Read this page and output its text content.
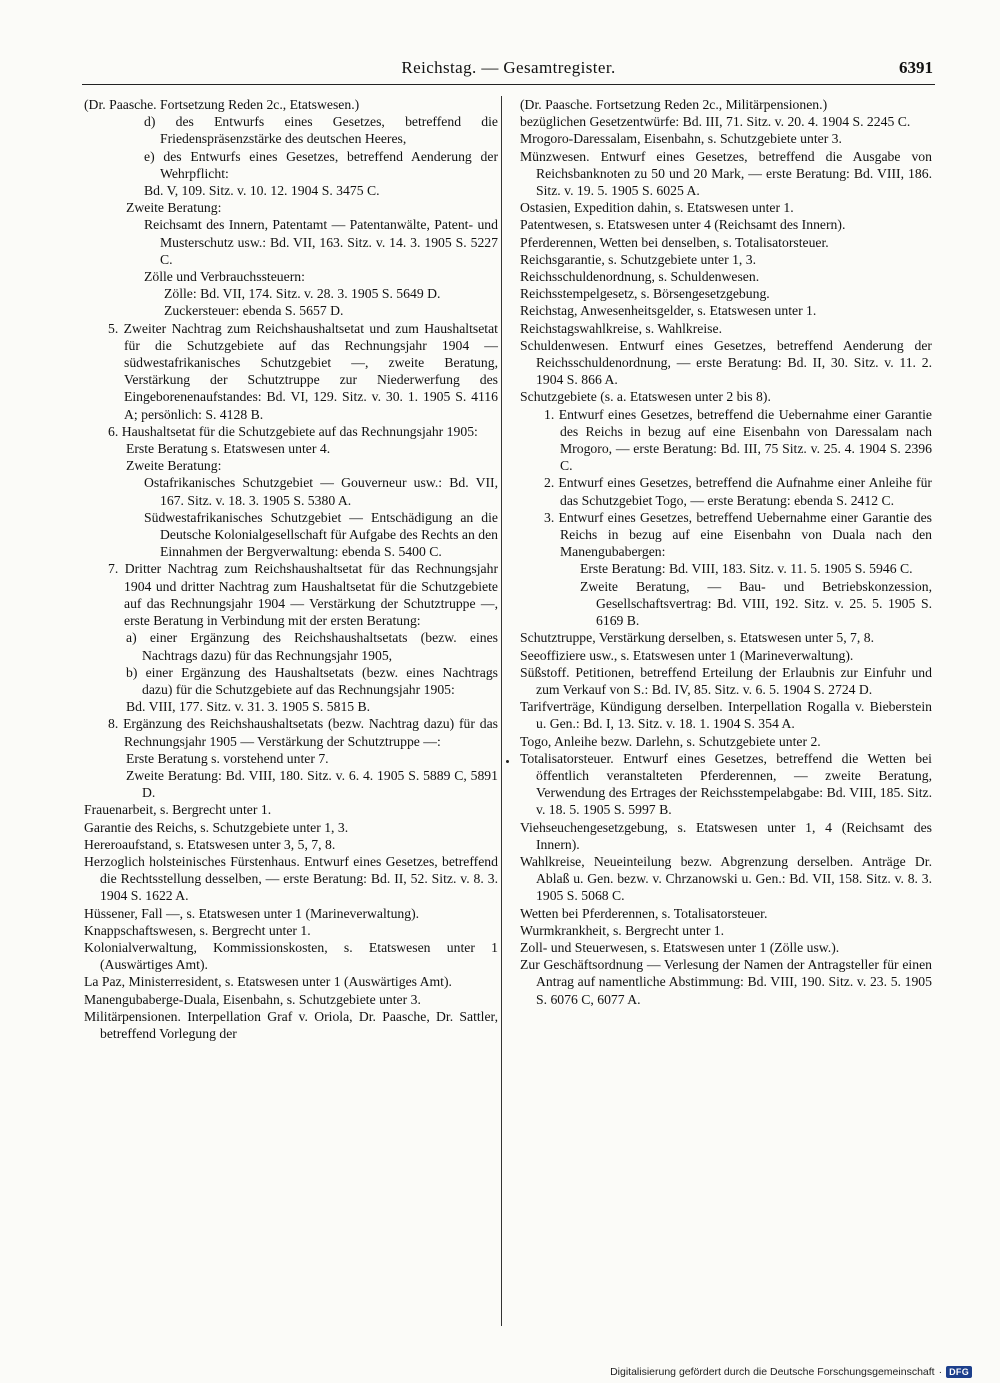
Reichstag. — Gesamtregister.	6391

(Dr. Paasche. Fortsetzung Reden 2c., Etatswesen.)

d) des Entwurfs eines Gesetzes, betreffend die Friedenspräsenzstärke des deutschen Heeres,

e) des Entwurfs eines Gesetzes, betreffend Aenderung der Wehrpflicht:

Bd. V, 109. Sitz. v. 10. 12. 1904 S. 3475 C.

Zweite Beratung:

Reichsamt des Innern, Patentamt — Patentanwälte, Patent- und Musterschutz usw.: Bd. VII, 163. Sitz. v. 14. 3. 1905 S. 5227 C.

Zölle und Verbrauchssteuern:

Zölle: Bd. VII, 174. Sitz. v. 28. 3. 1905 S. 5649 D.

Zuckersteuer: ebenda S. 5657 D.

5. Zweiter Nachtrag zum Reichshaushaltsetat und zum Haushaltsetat für die Schutzgebiete auf das Rechnungsjahr 1904 — südwestafrikanisches Schutzgebiet —, zweite Beratung, Verstärkung der Schutztruppe zur Niederwerfung des Eingeborenenaufstandes: Bd. VI, 129. Sitz. v. 30. 1. 1905 S. 4116 A; persönlich: S. 4128 B.

6. Haushaltsetat für die Schutzgebiete auf das Rechnungsjahr 1905:

Erste Beratung s. Etatswesen unter 4.

Zweite Beratung:

Ostafrikanisches Schutzgebiet — Gouverneur usw.: Bd. VII, 167. Sitz. v. 18. 3. 1905 S. 5380 A.

Südwestafrikanisches Schutzgebiet — Entschädigung an die Deutsche Kolonialgesellschaft für Aufgabe des Rechts an den Einnahmen der Bergverwaltung: ebenda S. 5400 C.

7. Dritter Nachtrag zum Reichshaushaltsetat für das Rechnungsjahr 1904 und dritter Nachtrag zum Haushaltsetat für die Schutzgebiete auf das Rechnungsjahr 1904 — Verstärkung der Schutztruppe —, erste Beratung in Verbindung mit der ersten Beratung:

a) einer Ergänzung des Reichshaushaltsetats (bezw. eines Nachtrags dazu) für das Rechnungsjahr 1905,

b) einer Ergänzung des Haushaltsetats (bezw. eines Nachtrags dazu) für die Schutzgebiete auf das Rechnungsjahr 1905:

Bd. VIII, 177. Sitz. v. 31. 3. 1905 S. 5815 B.

8. Ergänzung des Reichshaushaltsetats (bezw. Nachtrag dazu) für das Rechnungsjahr 1905 — Verstärkung der Schutztruppe —:

Erste Beratung s. vorstehend unter 7.

Zweite Beratung: Bd. VIII, 180. Sitz. v. 6. 4. 1905 S. 5889 C, 5891 D.

Frauenarbeit, s. Bergrecht unter 1.

Garantie des Reichs, s. Schutzgebiete unter 1, 3.

Hereroaufstand, s. Etatswesen unter 3, 5, 7, 8.

Herzoglich holsteinisches Fürstenhaus. Entwurf eines Gesetzes, betreffend die Rechtsstellung desselben, — erste Beratung: Bd. II, 52. Sitz. v. 8. 3. 1904 S. 1622 A.

Hüssener, Fall —, s. Etatswesen unter 1 (Marineverwaltung).

Knappschaftswesen, s. Bergrecht unter 1.

Kolonialverwaltung, Kommissionskosten, s. Etatswesen unter 1 (Auswärtiges Amt).

La Paz, Ministerresident, s. Etatswesen unter 1 (Auswärtiges Amt).

Manengubaberge-Duala, Eisenbahn, s. Schutzgebiete unter 3.

Militärpensionen. Interpellation Graf v. Oriola, Dr. Paasche, Dr. Sattler, betreffend Vorlegung der

(Dr. Paasche. Fortsetzung Reden 2c., Militärpensionen.)

bezüglichen Gesetzentwürfe: Bd. III, 71. Sitz. v. 20. 4. 1904 S. 2245 C.

Mrogoro-Daressalam, Eisenbahn, s. Schutzgebiete unter 3.

Münzwesen. Entwurf eines Gesetzes, betreffend die Ausgabe von Reichsbanknoten zu 50 und 20 Mark, — erste Beratung: Bd. VIII, 186. Sitz. v. 19. 5. 1905 S. 6025 A.

Ostasien, Expedition dahin, s. Etatswesen unter 1.

Patentwesen, s. Etatswesen unter 4 (Reichsamt des Innern).

Pferderennen, Wetten bei denselben, s. Totalisatorsteuer.

Reichsgarantie, s. Schutzgebiete unter 1, 3.

Reichsschuldenordnung, s. Schuldenwesen.

Reichsstempelgesetz, s. Börsengesetzgebung.

Reichstag, Anwesenheitsgelder, s. Etatswesen unter 1.

Reichstagswahlkreise, s. Wahlkreise.

Schuldenwesen. Entwurf eines Gesetzes, betreffend Aenderung der Reichsschuldenordnung, — erste Beratung: Bd. II, 30. Sitz. v. 11. 2. 1904 S. 866 A.

Schutzgebiete (s. a. Etatswesen unter 2 bis 8).

1. Entwurf eines Gesetzes, betreffend die Uebernahme einer Garantie des Reichs in bezug auf eine Eisenbahn von Daressalam nach Mrogoro, — erste Beratung: Bd. III, 75 Sitz. v. 25. 4. 1904 S. 2396 C.

2. Entwurf eines Gesetzes, betreffend die Aufnahme einer Anleihe für das Schutzgebiet Togo, — erste Beratung: ebenda S. 2412 C.

3. Entwurf eines Gesetzes, betreffend Uebernahme einer Garantie des Reichs in bezug auf eine Eisenbahn von Duala nach den Manengubabergen:

Erste Beratung: Bd. VIII, 183. Sitz. v. 11. 5. 1905 S. 5946 C.

Zweite Beratung, — Bau- und Betriebskonzession, Gesellschaftsvertrag: Bd. VIII, 192. Sitz. v. 25. 5. 1905 S. 6169 B.

Schutztruppe, Verstärkung derselben, s. Etatswesen unter 5, 7, 8.

Seeoffiziere usw., s. Etatswesen unter 1 (Marineverwaltung).

Süßstoff. Petitionen, betreffend Erteilung der Erlaubnis zur Einfuhr und zum Verkauf von S.: Bd. IV, 85. Sitz. v. 6. 5. 1904 S. 2724 D.

Tarifverträge, Kündigung derselben. Interpellation Rogalla v. Bieberstein u. Gen.: Bd. I, 13. Sitz. v. 18. 1. 1904 S. 354 A.

Togo, Anleihe bezw. Darlehn, s. Schutzgebiete unter 2.

Totalisatorsteuer. Entwurf eines Gesetzes, betreffend die Wetten bei öffentlich veranstalteten Pferderennen, — zweite Beratung, Verwendung des Ertrages der Reichsstempelabgabe: Bd. VIII, 185. Sitz. v. 18. 5. 1905 S. 5997 B.

Viehseuchengesetzgebung, s. Etatswesen unter 1, 4 (Reichsamt des Innern).

Wahlkreise, Neueinteilung bezw. Abgrenzung derselben. Anträge Dr. Ablaß u. Gen. bezw. v. Chrzanowski u. Gen.: Bd. VII, 158. Sitz. v. 8. 3. 1905 S. 5068 C.

Wetten bei Pferderennen, s. Totalisatorsteuer.

Wurmkrankheit, s. Bergrecht unter 1.

Zoll- und Steuerwesen, s. Etatswesen unter 1 (Zölle usw.).

Zur Geschäftsordnung — Verlesung der Namen der Antragsteller für einen Antrag auf namentliche Abstimmung: Bd. VIII, 190. Sitz. v. 23. 5. 1905 S. 6076 C, 6077 A.

Digitalisierung gefördert durch die Deutsche Forschungsgemeinschaft · DFG
